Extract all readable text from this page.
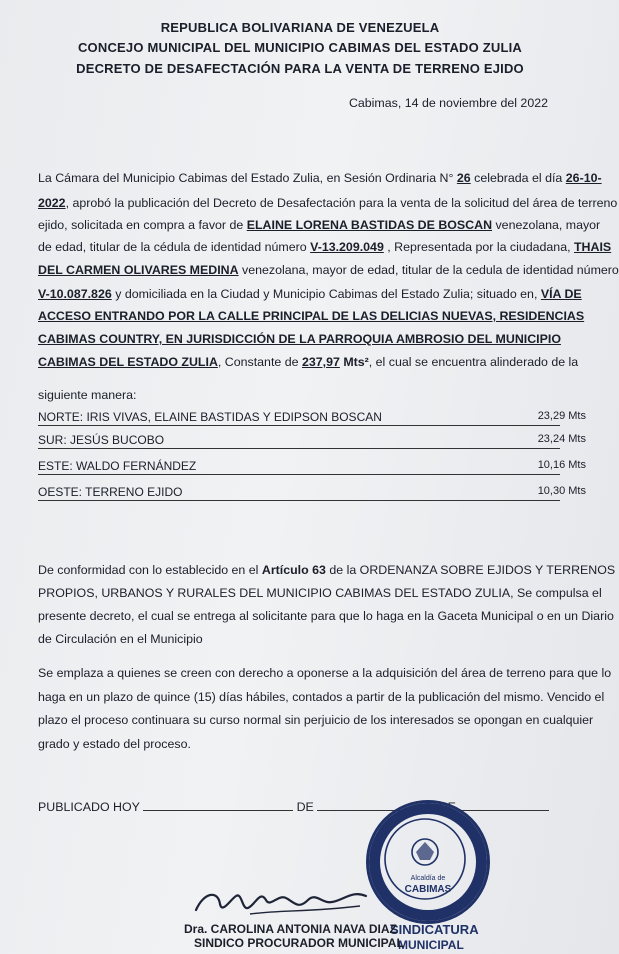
REPUBLICA BOLIVARIANA DE VENEZUELA
CONCEJO MUNICIPAL DEL MUNICIPIO CABIMAS DEL ESTADO ZULIA
DECRETO DE DESAFECTACIÓN PARA LA VENTA DE TERRENO EJIDO
Cabimas, 14 de noviembre del 2022
La Cámara del Municipio Cabimas del Estado Zulia, en Sesión Ordinaria N° 26 celebrada el día 26-10-
2022, aprobó la publicación del Decreto de Desafectación para la venta de la solicitud del área de terreno
ejido, solicitada en compra a favor de ELAINE LORENA BASTIDAS DE BOSCAN venezolana, mayor
de edad, titular de la cédula de identidad número V-13.209.049 , Representada por la ciudadana, THAIS
DEL CARMEN OLIVARES MEDINA venezolana, mayor de edad, titular de la cedula de identidad número
V-10.087.826 y domiciliada en la Ciudad y Municipio Cabimas del Estado Zulia; situado en, VÍA DE
ACCESO ENTRANDO POR LA CALLE PRINCIPAL DE LAS DELICIAS NUEVAS, RESIDENCIAS
CABIMAS COUNTRY, EN JURISDICCIÓN DE LA PARROQUIA AMBROSIO DEL MUNICIPIO
CABIMAS DEL ESTADO ZULIA, Constante de 237,97 Mts², el cual se encuentra alinderado de la
siguiente manera:
NORTE: IRIS VIVAS, ELAINE BASTIDAS Y EDIPSON BOSCAN	23,29 Mts
SUR: JESÚS BUCOBO	23,24 Mts
ESTE: WALDO FERNÁNDEZ	10,16 Mts
OESTE: TERRENO EJIDO	10,30 Mts
De conformidad con lo establecido en el Artículo 63 de la ORDENANZA SOBRE EJIDOS Y TERRENOS
PROPIOS, URBANOS Y RURALES DEL MUNICIPIO CABIMAS DEL ESTADO ZULIA, Se compulsa el
presente decreto, el cual se entrega al solicitante para que lo haga en la Gaceta Municipal o en un Diario
de Circulación en el Municipio
Se emplaza a quienes se creen con derecho a oponerse a la adquisición del área de terreno para que lo
haga en un plazo de quince (15) días hábiles, contados a partir de la publicación del mismo. Vencido el
plazo el proceso continuara su curso normal sin perjuicio de los interesados se opongan en cualquier
grado y estado del proceso.
PUBLICADO HOY	DE	DE
Alcaldía de
CABIMAS
SINDICATURA
MUNICIPAL
Dra. CAROLINA ANTONIA NAVA DIAZ
SINDICO PROCURADOR MUNICIPAL
